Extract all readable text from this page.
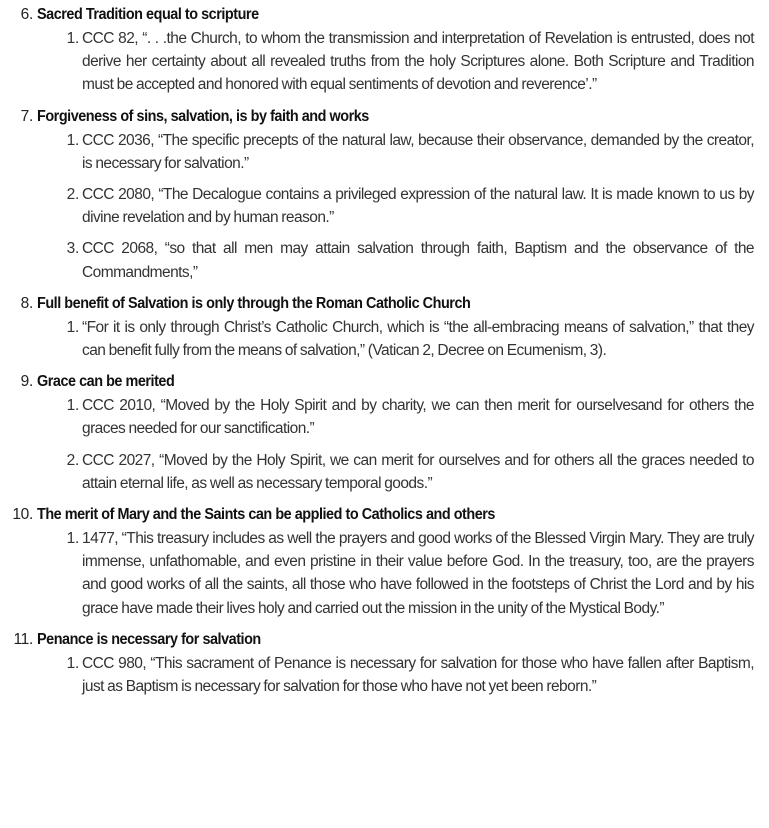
6. Sacred Tradition equal to scripture
1. CCC 82, “. . .the Church, to whom the transmission and interpretation of Revelation is entrusted, does not derive her certainty about all revealed truths from the holy Scriptures alone. Both Scripture and Tradition must be accepted and honored with equal sentiments of devotion and reverence’.”
7. Forgiveness of sins, salvation, is by faith and works
1. CCC 2036, “The specific precepts of the natural law, because their observance, demanded by the creator, is necessary for salvation.”
2. CCC 2080, “The Decalogue contains a privileged expression of the natural law. It is made known to us by divine revelation and by human reason.”
3. CCC 2068, “so that all men may attain salvation through faith, Baptism and the observance of the Commandments,”
8. Full benefit of Salvation is only through the Roman Catholic Church
1. “For it is only through Christ’s Catholic Church, which is “the all-embracing means of salvation,” that they can benefit fully from the means of salvation,” (Vatican 2, Decree on Ecumenism, 3).
9. Grace can be merited
1. CCC 2010, “Moved by the Holy Spirit and by charity, we can then merit for ourselvesand for others the graces needed for our sanctification.”
2. CCC 2027, “Moved by the Holy Spirit, we can merit for ourselves and for others all the graces needed to attain eternal life, as well as necessary temporal goods.”
10. The merit of Mary and the Saints can be applied to Catholics and others
1. 1477, “This treasury includes as well the prayers and good works of the Blessed Virgin Mary. They are truly immense, unfathomable, and even pristine in their value before God. In the treasury, too, are the prayers and good works of all the saints, all those who have followed in the footsteps of Christ the Lord and by his grace have made their lives holy and carried out the mission in the unity of the Mystical Body.”
11. Penance is necessary for salvation
1. CCC 980, “This sacrament of Penance is necessary for salvation for those who have fallen after Baptism, just as Baptism is necessary for salvation for those who have not yet been reborn.”
